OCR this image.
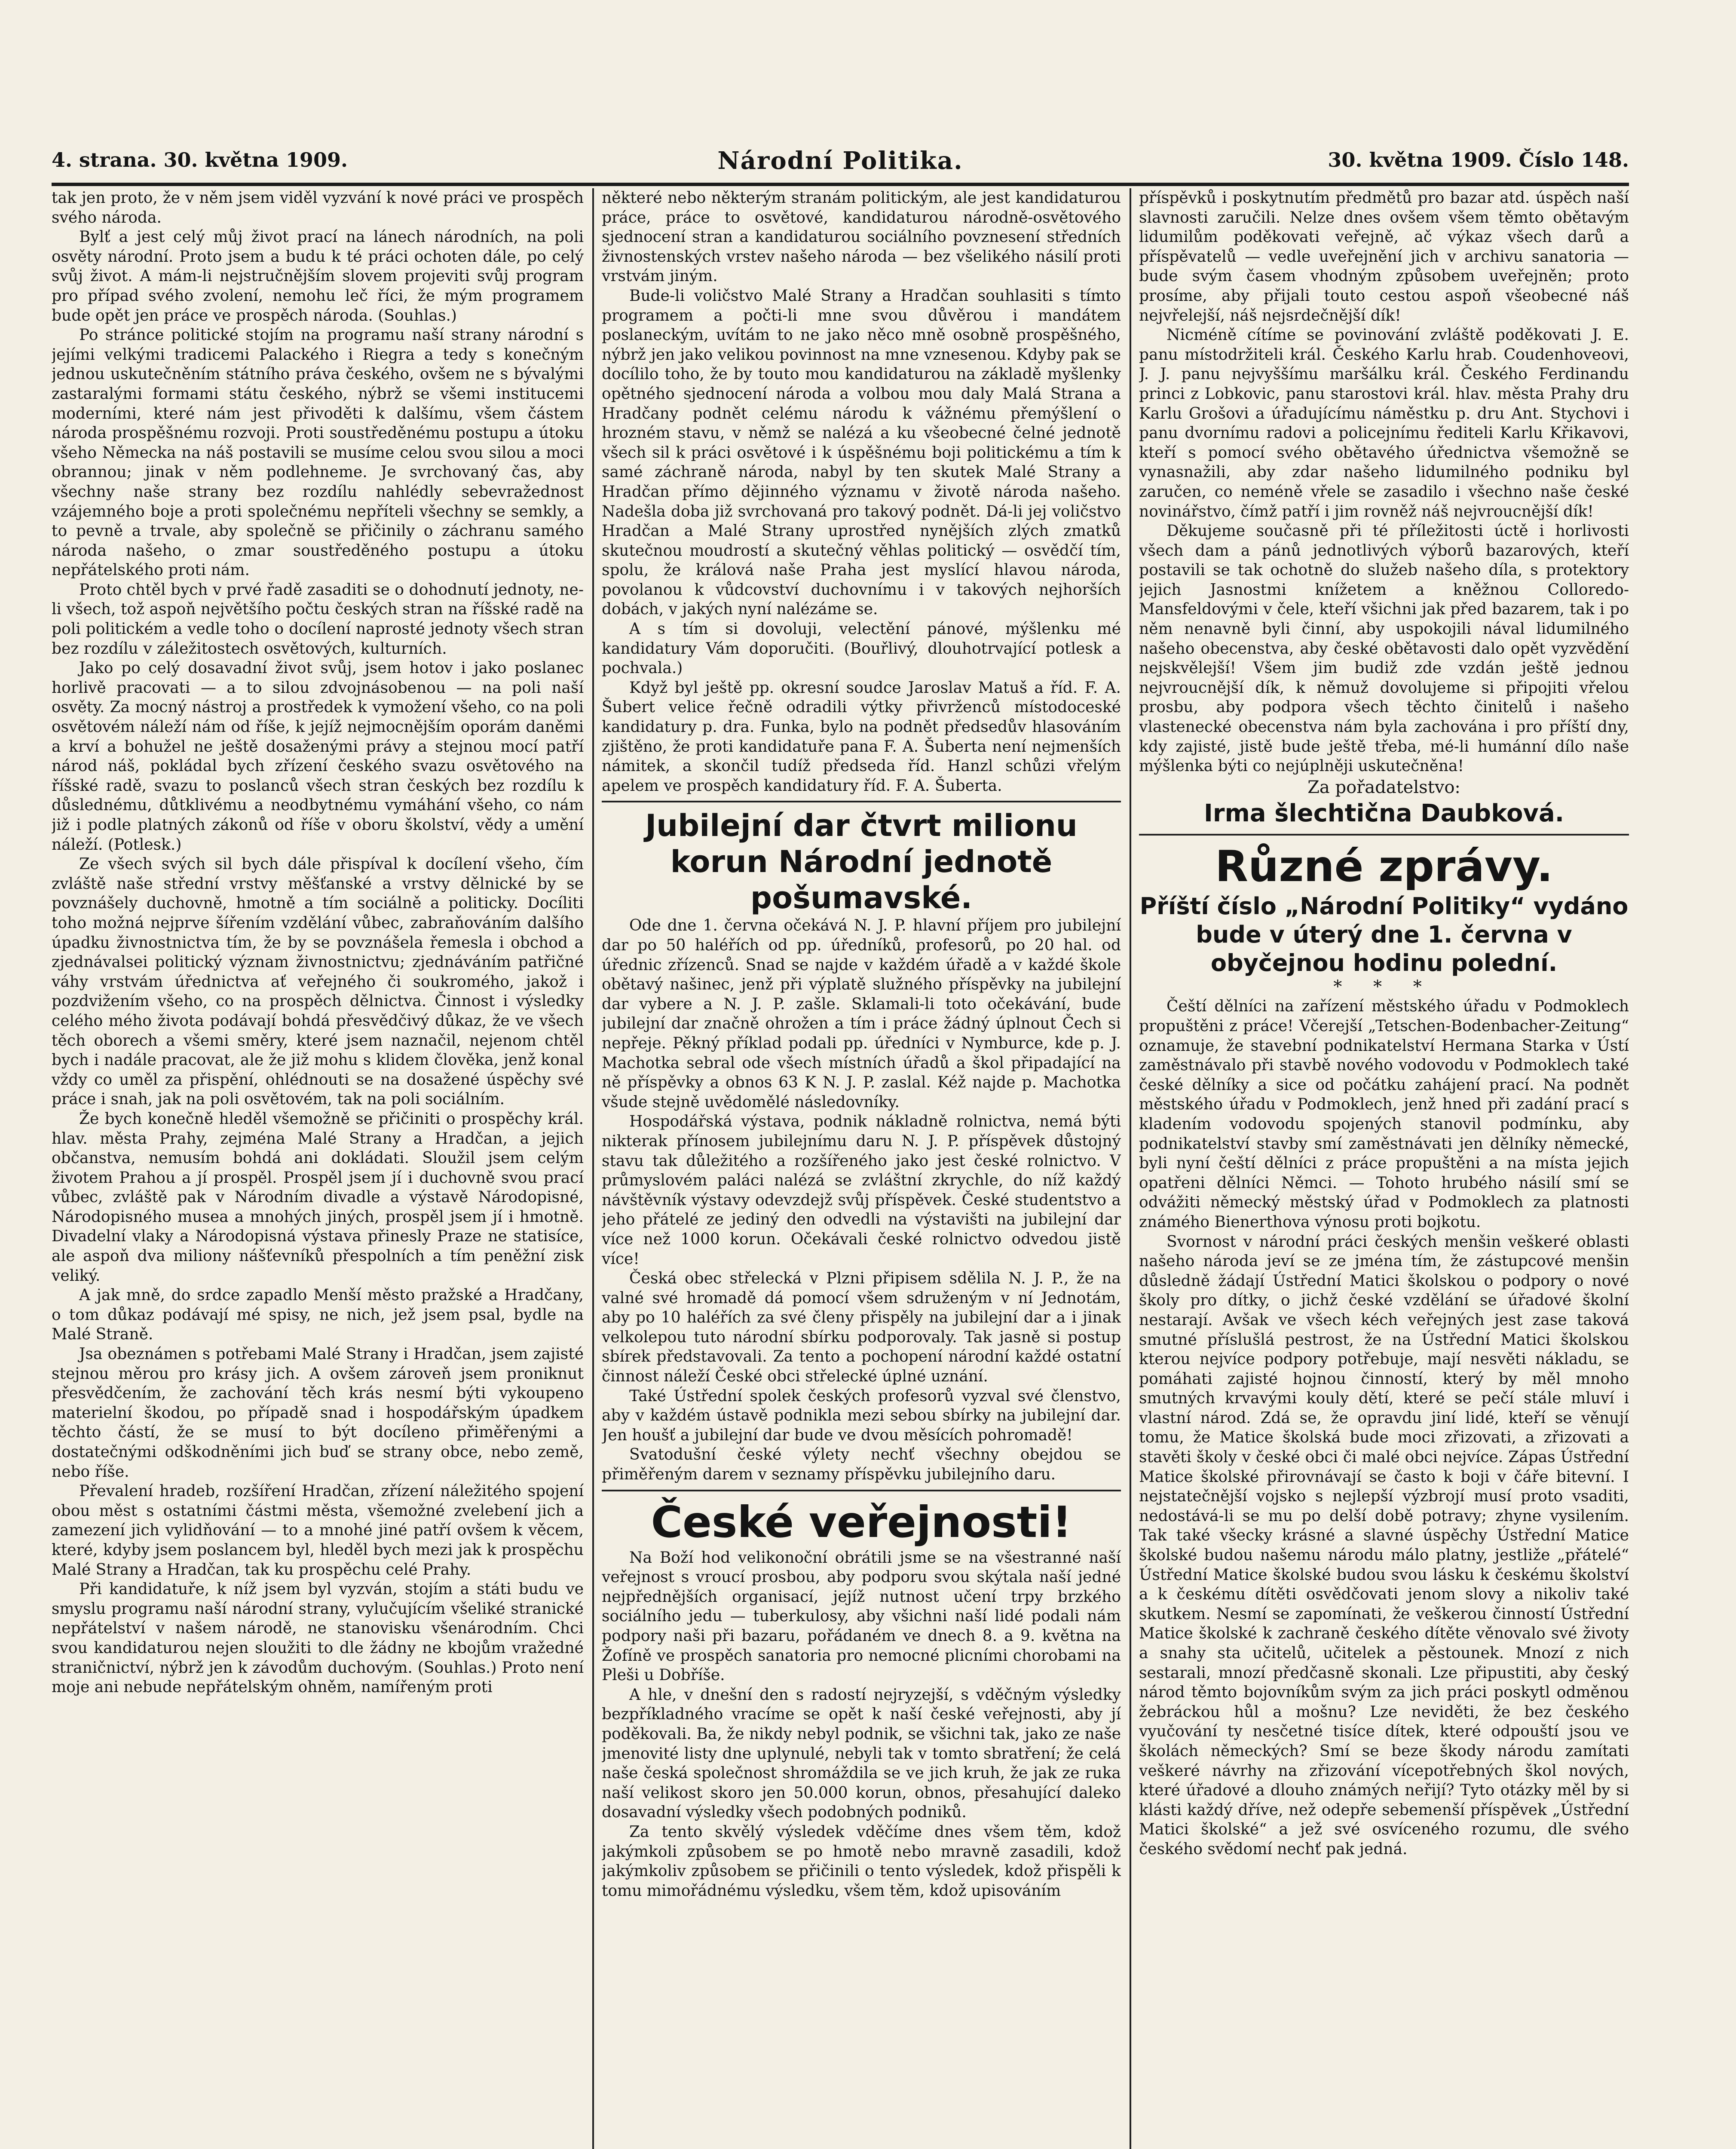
4. strana. 30. května 1909.	Národní Politika.	30. května 1909. Číslo 148.

tak jen proto, že v něm jsem viděl vyzvání k nové práci ve prospěch svého národa.

Bylť a jest celý můj život prací na lánech národních, na poli osvěty národní. Proto jsem a budu k té práci ochoten dále, po celý svůj život. A mám-li nejstručnějším slovem projeviti svůj program pro případ svého zvolení, nemohu leč říci, že mým programem bude opět jen práce ve prospěch národa. (Souhlas.)

Po stránce politické stojím na programu naší strany národní s jejími velkými tradicemi Palackého i Riegra a tedy s konečným jednou uskutečněním státního práva českého, ovšem ne s bývalými zastaralými formami státu českého, nýbrž se všemi institucemi moderními, které nám jest přivoděti k dalšímu, všem částem národa prospěšnému rozvoji. Proti soustředěnému postupu a útoku všeho Německa na náš postavili se musíme celou svou silou a moci obrannou; jinak v něm podlehneme. Je svrchovaný čas, aby všechny naše strany bez rozdílu nahlédly sebevražednost vzájemného boje a proti společnému nepříteli všechny se semkly, a to pevně a trvale, aby společně se přičinily o záchranu samého národa našeho, o zmar soustředěného postupu a útoku nepřátelského proti nám.

Proto chtěl bych v prvé řadě zasaditi se o dohodnutí jednoty, ne-li všech, tož aspoň největšího počtu českých stran na říšské radě na poli politickém a vedle toho o docílení naprosté jednoty všech stran bez rozdílu v záležitostech osvětových, kulturních.

Jako po celý dosavadní život svůj, jsem hotov i jako poslanec horlivě pracovati — a to silou zdvojnásobenou — na poli naší osvěty. Za mocný nástroj a prostředek k vymožení všeho, co na poli osvětovém náleží nám od říše, k jejíž nejmocnějším oporám daněmi a krví a bohužel ne ještě dosaženými právy a stejnou mocí patří národ náš, pokládal bych zřízení českého svazu osvětového na říšské radě, svazu to poslanců všech stran českých bez rozdílu k důslednému, důtklivému a neodbytnému vymáhání všeho, co nám již i podle platných zákonů od říše v oboru školství, vědy a umění náleží. (Potlesk.)

Ze všech svých sil bych dále přispíval k docílení všeho, čím zvláště naše střední vrstvy měšťanské a vrstvy dělnické by se povznášely duchovně, hmotně a tím sociálně a politicky. Docíliti toho možná nejprve šířením vzdělání vůbec, zabraňováním dalšího úpadku živnostnictva tím, že by se povznášela řemesla i obchod a zjednávalsei politický význam živnostnictvu; zjednáváním patřičné váhy vrstvám úřednictva ať veřejného či soukromého, jakož i pozdvižením všeho, co na prospěch dělnictva. Činnost i výsledky celého mého života podávají bohdá přesvědčivý důkaz, že ve všech těch oborech a všemi směry, které jsem naznačil, nejenom chtěl bych i nadále pracovat, ale že již mohu s klidem člověka, jenž konal vždy co uměl za přispění, ohlédnouti se na dosažené úspěchy své práce i snah, jak na poli osvětovém, tak na poli sociálním.

Že bych konečně hleděl všemožně se přičiniti o prospěchy král. hlav. města Prahy, zejména Malé Strany a Hradčan, a jejich občanstva, nemusím bohdá ani dokládati. Sloužil jsem celým životem Prahou a jí prospěl. Prospěl jsem jí i duchovně svou prací vůbec, zvláště pak v Národním divadle a výstavě Národopisné, Národopisného musea a mnohých jiných, prospěl jsem jí i hmotně. Divadelní vlaky a Národopisná výstava přinesly Praze ne statisíce, ale aspoň dva miliony nášťevníků přespolních a tím peněžní zisk veliký.

A jak mně, do srdce zapadlo Menší město pražské a Hradčany, o tom důkaz podávají mé spisy, ne nich, jež jsem psal, bydle na Malé Straně.

Jsa obeznámen s potřebami Malé Strany i Hradčan, jsem zajisté stejnou měrou pro krásy jich. A ovšem zároveň jsem proniknut přesvědčením, že zachování těch krás nesmí býti vykoupeno materielní škodou, po případě snad i hospodářským úpadkem těchto částí, že se musí to být docíleno přiměřenými a dostatečnými odškodněními jich buď se strany obce, nebo země, nebo říše.

Převalení hradeb, rozšíření Hradčan, zřízení náležitého spojení obou měst s ostatními částmi města, všemožné zvelebení jich a zamezení jich vylidňování — to a mnohé jiné patří ovšem k věcem, které, kdyby jsem poslancem byl, hleděl bych mezi jak k prospěchu Malé Strany a Hradčan, tak ku prospěchu celé Prahy.

Při kandidatuře, k níž jsem byl vyzván, stojím a státi budu ve smyslu programu naší národní strany, vylučujícím všeliké stranické nepřátelství v našem národě, ne stanovisku všenárodním. Chci svou kandidaturou nejen sloužiti to dle žádny ne kbojům vražedné straničnictví, nýbrž jen k závodům duchovým. (Souhlas.) Proto není moje ani nebude nepřátelským ohněm, namířeným proti

některé nebo některým stranám politickým, ale jest kandidaturou práce, práce to osvětové, kandidaturou národně-osvětového sjednocení stran a kandidaturou sociálního povznesení středních živnostenských vrstev našeho národa — bez všelikého násilí proti vrstvám jiným.

Bude-li voličstvo Malé Strany a Hradčan souhlasiti s tímto programem a počti-li mne svou důvěrou i mandátem poslaneckým, uvítám to ne jako něco mně osobně prospěšného, nýbrž jen jako velikou povinnost na mne vznesenou. Kdyby pak se docílilo toho, že by touto mou kandidaturou na základě myšlenky opětného sjednocení národa a volbou mou daly Malá Strana a Hradčany podnět celému národu k vážnému přemýšlení o hrozném stavu, v němž se nalézá a ku všeobecné čelné jednotě všech sil k práci osvětové i k úspěšnému boji politickému a tím k samé záchraně národa, nabyl by ten skutek Malé Strany a Hradčan přímo dějinného významu v životě národa našeho. Nadešla doba již svrchovaná pro takový podnět. Dá-li jej voličstvo Hradčan a Malé Strany uprostřed nynějších zlých zmatků skutečnou moudrostí a skutečný věhlas politický — osvědčí tím, spolu, že králová naše Praha jest myslící hlavou národa, povolanou k vůdcovství duchovnímu i v takových nejhorších dobách, v jakých nyní nalézáme se.

A s tím si dovoluji, velectění pánové, mýšlenku mé kandidatury Vám doporučiti. (Bouřlivý, dlouhotrvající potlesk a pochvala.)

Když byl ještě pp. okresní soudce Jaroslav Matuš a říd. F. A. Šubert velice řečně odradili výtky přivrženců místodoceské kandidatury p. dra. Funka, bylo na podnět předsedův hlasováním zjištěno, že proti kandidatuře pana F. A. Šuberta není nejmenších námitek, a skončil tudíž předseda říd. Hanzl schůzi vřelým apelem ve prospěch kandidatury říd. F. A. Šuberta.

Jubilejní dar čtvrt milionu korun Národní jednotě pošumavské.

Ode dne 1. června očekává N. J. P. hlavní příjem pro jubilejní dar po 50 haléřích od pp. úředníků, profesorů, po 20 hal. od úřednic zřízenců. Snad se najde v každém úřadě a v každé škole obětavý našinec, jenž při výplatě služného příspěvky na jubilejní dar vybere a N. J. P. zašle. Sklamali-li toto očekávání, bude jubilejní dar značně ohrožen a tím i práce žádný úplnout Čech si nepřeje. Pěkný příklad podali pp. úředníci v Nymburce, kde p. J. Machotka sebral ode všech místních úřadů a škol připadající na ně příspěvky a obnos 63 K N. J. P. zaslal. Kéž najde p. Machotka všude stejně uvědomělé následovníky.

Hospodářská výstava, podnik nákladně rolnictva, nemá býti nikterak přínosem jubilejnímu daru N. J. P. příspěvek důstojný stavu tak důležitého a rozšířeného jako jest české rolnictvo. V průmyslovém paláci nalézá se zvláštní zkrychle, do níž každý návštěvník výstavy odevzdejž svůj příspěvek. České studentstvo a jeho přátelé ze jediný den odvedli na výstavišti na jubilejní dar více než 1000 korun. Očekávali české rolnictvo odvedou jistě více!

Česká obec střelecká v Plzni připisem sdělila N. J. P., že na valné své hromadě dá pomocí všem sdruženým v ní Jednotám, aby po 10 haléřích za své členy přispěly na jubilejní dar a i jinak velkolepou tuto národní sbírku podporovaly. Tak jasně si postup sbírek představovali. Za tento a pochopení národní každé ostatní činnost náleží České obci střelecké úplné uznání.

Také Ústřední spolek českých profesorů vyzval své členstvo, aby v každém ústavě podnikla mezi sebou sbírky na jubilejní dar. Jen houšť a jubilejní dar bude ve dvou měsících pohromadě!

Svatodušní české výlety nechť všechny obejdou se přiměřeným darem v seznamy příspěvku jubilejního daru.

České veřejnosti!

Na Boží hod velikonoční obrátili jsme se na všestranné naší veřejnost s vroucí prosbou, aby podporu svou skýtala naší jedné nejpřednějších organisací, jejíž nutnost učení trpy brzkého sociálního jedu — tuberkulosy, aby všichni naší lidé podali nám podpory naši při bazaru, pořádaném ve dnech 8. a 9. května na Žofíně ve prospěch sanatoria pro nemocné plicními chorobami na Pleši u Dobříše.

A hle, v dnešní den s radostí nejryzejší, s vděčným výsledky bezpříkladného vracíme se opět k naší české veřejnosti, aby jí poděkovali. Ba, že nikdy nebyl podnik, se všichni tak, jako ze naše jmenovité listy dne uplynulé, nebyli tak v tomto sbratření; že celá naše česká společnost shromáždila se ve jich kruh, že jak ze ruka naší velikost skoro jen 50.000 korun, obnos, přesahující daleko dosavadní výsledky všech podobných podniků.

Za tento skvělý výsledek vděčíme dnes všem těm, kdož jakýmkoli způsobem se po hmotě nebo mravně zasadili, kdož jakýmkoliv způsobem se přičinili o tento výsledek, kdož přispěli k tomu mimořádnému výsledku, všem těm, kdož upisováním

příspěvků i poskytnutím předmětů pro bazar atd. úspěch naší slavnosti zaručili. Nelze dnes ovšem všem těmto obětavým lidumilům poděkovati veřejně, ač výkaz všech darů a příspěvatelů — vedle uveřejnění jich v archivu sanatoria — bude svým časem vhodným způsobem uveřejněn; proto prosíme, aby přijali touto cestou aspoň všeobecné náš nejvřelejší, náš nejsrdečnější dík!

Nicméně cítíme se povinování zvláště poděkovati J. E. panu místodržiteli král. Českého Karlu hrab. Coudenhoveovi, J. J. panu nejvyššímu maršálku král. Českého Ferdinandu princi z Lobkovic, panu starostovi král. hlav. města Prahy dru Karlu Grošovi a úřadujícímu náměstku p. dru Ant. Stychovi i panu dvornímu radovi a policejnímu řediteli Karlu Křikavovi, kteří s pomocí svého obětavého úřednictva všemožně se vynasnažili, aby zdar našeho lidumilného podniku byl zaručen, co neméně vřele se zasadilo i všechno naše české novinářstvo, čímž patří i jim rovněž náš nejvroucnější dík!

Děkujeme současně při té příležitosti úctě i horlivosti všech dam a pánů jednotlivých výborů bazarových, kteří postavili se tak ochotně do služeb našeho díla, s protektory jejich Jasnostmi knížetem a kněžnou Colloredo-Mansfeldovými v čele, kteří všichni jak před bazarem, tak i po něm nenavně byli činní, aby uspokojili nával lidumilného našeho obecenstva, aby české obětavosti dalo opět vyzvědění nejskvělejší! Všem jim budiž zde vzdán ještě jednou nejvroucnější dík, k němuž dovolujeme si připojiti vřelou prosbu, aby podpora všech těchto činitelů i našeho vlastenecké obecenstva nám byla zachována i pro příští dny, kdy zajisté, jistě bude ještě třeba, mé-li humánní dílo naše mýšlenka býti co nejúplněji uskutečněna!

Za pořadatelstvo:

Irma šlechtična Daubková.

Různé zprávy.

Příští číslo „Národní Politiky“ vydáno bude v úterý dne 1. června v obyčejnou hodinu polední.

* * *

Čeští dělníci na zařízení městského úřadu v Podmoklech propuštěni z práce! Včerejší „Tetschen-Bodenbacher-Zeitung“ oznamuje, že stavební podnikatelství Hermana Starka v Ústí zaměstnávalo při stavbě nového vodovodu v Podmoklech také české dělníky a sice od počátku zahájení prací. Na podnět městského úřadu v Podmoklech, jenž hned při zadání prací s kladením vodovodu spojených stanovil podmínku, aby podnikatelství stavby smí zaměstnávati jen dělníky německé, byli nyní čeští dělníci z práce propuštěni a na místa jejich opatřeni dělníci Němci. — Tohoto hrubého násilí smí se odvážiti německý městský úřad v Podmoklech za platnosti známého Bienerthova výnosu proti bojkotu.

Svornost v národní práci českých menšin veškeré oblasti našeho národa jeví se ze jména tím, že zástupcové menšin důsledně žádají Ústřední Matici školskou o podpory o nové školy pro dítky, o jichž české vzdělání se úřadové školní nestarají. Avšak ve všech kéch veřejných jest zase taková smutné příslušlá pestrost, že na Ústřední Matici školskou kterou nejvíce podpory potřebuje, mají nesvěti nákladu, se pomáhati zajisté hojnou činností, který by měl mnoho smutných krvavými kouly dětí, které se pečí stále mluví i vlastní národ. Zdá se, že opravdu jiní lidé, kteří se věnují tomu, že Matice školská bude moci zřizovati, a zřizovati a stavěti školy v české obci či malé obci nejvíce. Zápas Ústřední Matice školské přirovnávají se často k boji v čáře bitevní. I nejstatečnější vojsko s nejlepší výzbrojí musí proto vsaditi, nedostává-li se mu po delší době potravy; zhyne vysilením. Tak také všecky krásné a slavné úspěchy Ústřední Matice školské budou našemu národu málo platny, jestliže „přátelé“ Ústřední Matice školské budou svou lásku k českému školství a k českému dítěti osvědčovati jenom slovy a nikoliv také skutkem. Nesmí se zapomínati, že veškerou činností Ústřední Matice školské k zachraně českého dítěte věnovalo své životy a snahy sta učitelů, učitelek a pěstounek. Mnozí z nich sestarali, mnozí předčasně skonali. Lze připustiti, aby český národ těmto bojovníkům svým za jich práci poskytl odměnou žebráckou hůl a mošnu? Lze neviděti, že bez českého vyučování ty nesčetné tisíce dítek, které odpouští jsou ve školách německých? Smí se beze škody národu zamítati veškeré návrhy na zřizování vícepotřebných škol nových, které úřadové a dlouho známých neřijí? Tyto otázky měl by si klásti každý dříve, než odepře sebemenší příspěvek „Ústřední Matici školské“ a jež své osvíceného rozumu, dle svého českého svědomí nechť pak jedná.
